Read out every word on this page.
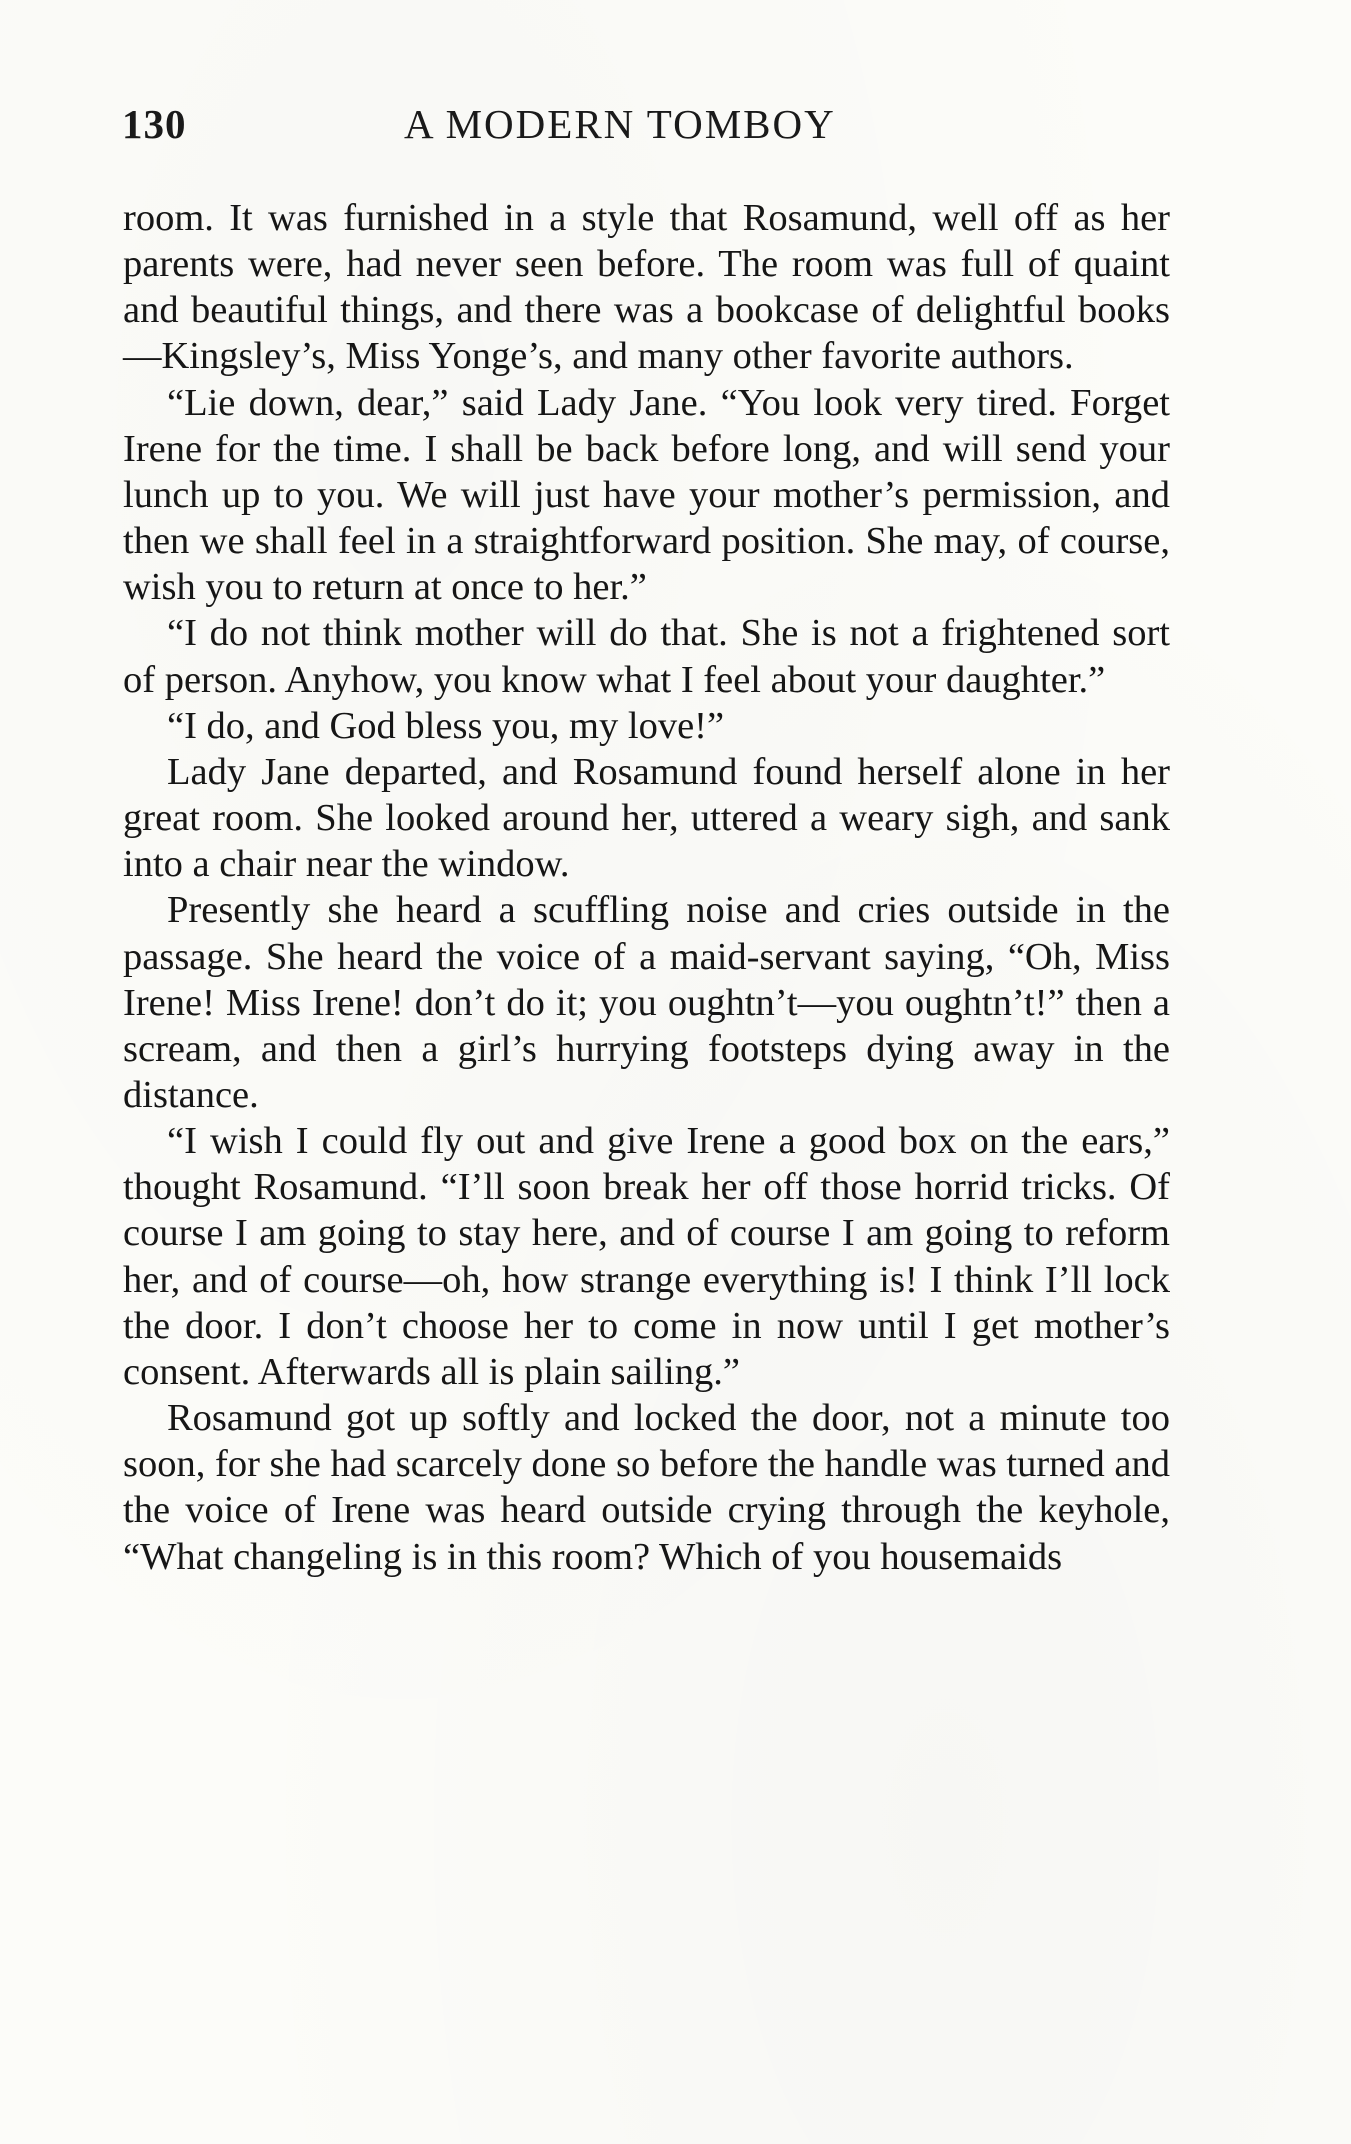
130	A MODERN TOMBOY

room. It was furnished in a style that Rosamund, well off as her parents were, had never seen before. The room was full of quaint and beautiful things, and there was a bookcase of delightful books—Kingsley’s, Miss Yonge’s, and many other favorite authors.

“Lie down, dear,” said Lady Jane. “You look very tired. Forget Irene for the time. I shall be back before long, and will send your lunch up to you. We will just have your mother’s permission, and then we shall feel in a straightforward position. She may, of course, wish you to return at once to her.”

“I do not think mother will do that. She is not a frightened sort of person. Anyhow, you know what I feel about your daughter.”

“I do, and God bless you, my love!”

Lady Jane departed, and Rosamund found herself alone in her great room. She looked around her, uttered a weary sigh, and sank into a chair near the window.

Presently she heard a scuffling noise and cries outside in the passage. She heard the voice of a maid-servant saying, “Oh, Miss Irene! Miss Irene! don’t do it; you oughtn’t—you oughtn’t!” then a scream, and then a girl’s hurrying footsteps dying away in the distance.

“I wish I could fly out and give Irene a good box on the ears,” thought Rosamund. “I’ll soon break her off those horrid tricks. Of course I am going to stay here, and of course I am going to reform her, and of course—oh, how strange everything is! I think I’ll lock the door. I don’t choose her to come in now until I get mother’s consent. Afterwards all is plain sailing.”

Rosamund got up softly and locked the door, not a minute too soon, for she had scarcely done so before the handle was turned and the voice of Irene was heard outside crying through the keyhole, “What changeling is in this room? Which of you housemaids
